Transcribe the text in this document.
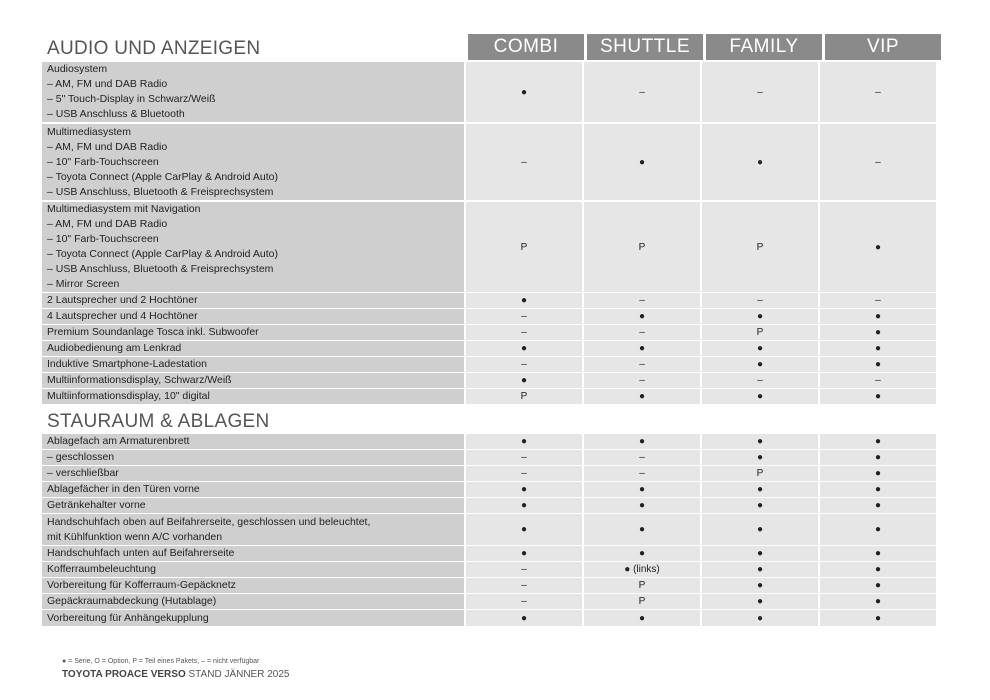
AUDIO UND ANZEIGEN
STAURAUM & ABLAGEN
COMBI	SHUTTLE	FAMILY	VIP
Audiosystem
– AM, FM und DAB Radio
– 5" Touch-Display in Schwarz/Weiß
– USB Anschluss & Bluetooth
●	–	–	–
Multimediasystem
– AM, FM und DAB Radio
– 10" Farb-Touchscreen
– Toyota Connect (Apple CarPlay & Android Auto)
– USB Anschluss, Bluetooth & Freisprechsystem
–	●	●	–
Multimediasystem mit Navigation
– AM, FM und DAB Radio
– 10" Farb-Touchscreen
– Toyota Connect (Apple CarPlay & Android Auto)
– USB Anschluss, Bluetooth & Freisprechsystem
– Mirror Screen
P	P	P	●
2 Lautsprecher und 2 Hochtöner	●	–	–	–
4 Lautsprecher und 4 Hochtöner	–	●	●	●
Premium Soundanlage Tosca inkl. Subwoofer	–	–	P	●
Audiobedienung am Lenkrad	●	●	●	●
Induktive Smartphone-Ladestation	–	–	●	●
Multiinformationsdisplay, Schwarz/Weiß	●	–	–	–
Multiinformationsdisplay, 10" digital	P	●	●	●
Ablagefach am Armaturenbrett	●	●	●	●
– geschlossen	–	–	●	●
– verschließbar	–	–	P	●
Ablagefächer in den Türen vorne	●	●	●	●
Getränkehalter vorne	●	●	●	●
Handschuhfach oben auf Beifahrerseite, geschlossen und beleuchtet,
mit Kühlfunktion wenn A/C vorhanden
●	●	●	●
Handschuhfach unten auf Beifahrerseite	●	●	●	●
Kofferraumbeleuchtung	–	● (links)	●	●
Vorbereitung für Kofferraum-Gepäcknetz	–	P	●	●
Gepäckraumabdeckung (Hutablage)	–	P	●	●
Vorbereitung für Anhängekupplung	●	●	●	●
● = Serie, O = Option, P = Teil eines Pakets, – = nicht verfügbar
TOYOTA PROACE VERSO STAND JÄNNER 2025
